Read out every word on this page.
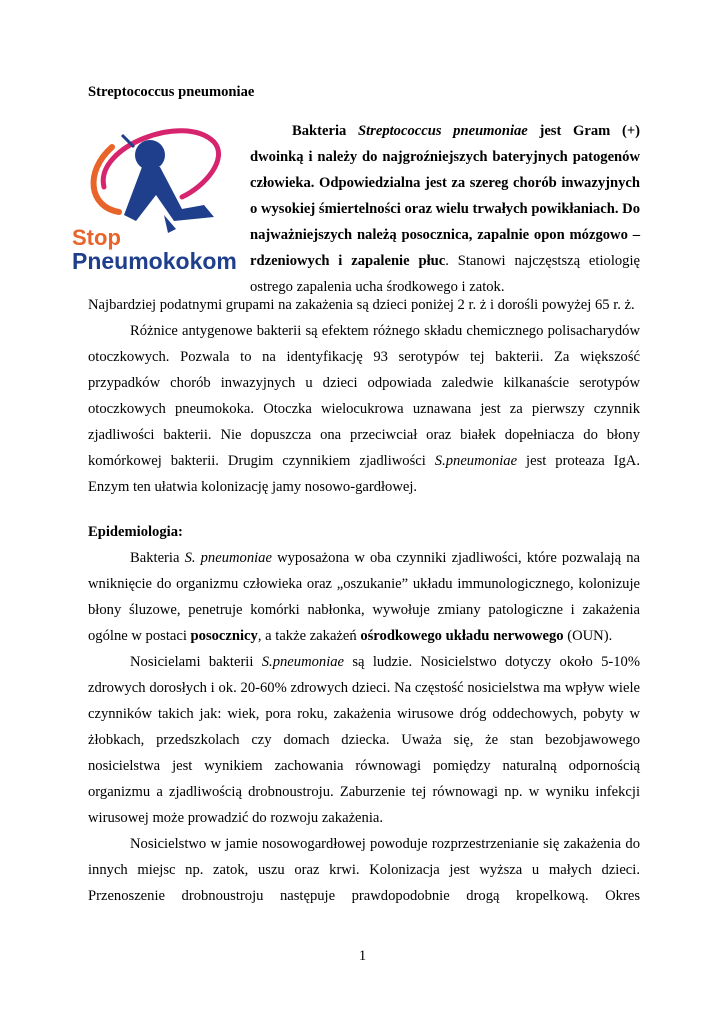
Streptococcus pneumoniae
Stop
Pneumokokom
Bakteria Streptococcus pneumoniae jest Gram (+) dwoinką i należy do najgroźniejszych bateryjnych patogenów człowieka. Odpowiedzialna jest za szereg chorób inwazyjnych o wysokiej śmiertelności oraz wielu trwałych powikłaniach. Do najważniejszych należą posocznica, zapalnie opon mózgowo – rdzeniowych i zapalenie płuc. Stanowi najczęstszą etiologię ostrego zapalenia ucha środkowego i zatok.

Najbardziej podatnymi grupami na zakażenia są dzieci poniżej 2 r. ż i dorośli powyżej 65 r. ż.

Różnice antygenowe bakterii są efektem różnego składu chemicznego polisacharydów otoczkowych. Pozwala to na identyfikację 93 serotypów tej bakterii. Za większość przypadków chorób inwazyjnych u dzieci odpowiada zaledwie kilkanaście serotypów otoczkowych pneumokoka. Otoczka wielocukrowa uznawana jest za pierwszy czynnik zjadliwości bakterii. Nie dopuszcza ona przeciwciał oraz białek dopełniacza do błony komórkowej bakterii. Drugim czynnikiem zjadliwości S.pneumoniae jest proteaza IgA. Enzym ten ułatwia kolonizację jamy nosowo-gardłowej.

Epidemiologia:

Bakteria S. pneumoniae wyposażona w oba czynniki zjadliwości, które pozwalają na wniknięcie do organizmu człowieka oraz „oszukanie” układu immunologicznego, kolonizuje błony śluzowe, penetruje komórki nabłonka, wywołuje zmiany patologiczne i zakażenia ogólne w postaci posocznicy, a także zakażeń ośrodkowego układu nerwowego (OUN).

Nosicielami bakterii S.pneumoniae są ludzie. Nosicielstwo dotyczy około 5-10% zdrowych dorosłych i ok. 20-60% zdrowych dzieci. Na częstość nosicielstwa ma wpływ wiele czynników takich jak: wiek, pora roku, zakażenia wirusowe dróg oddechowych, pobyty w żłobkach, przedszkolach czy domach dziecka. Uważa się, że stan bezobjawowego nosicielstwa jest wynikiem zachowania równowagi pomiędzy naturalną odpornością organizmu a zjadliwością drobnoustroju. Zaburzenie tej równowagi np. w wyniku infekcji wirusowej może prowadzić do rozwoju zakażenia.

Nosicielstwo w jamie nosowogardłowej powoduje rozprzestrzenianie się zakażenia do innych miejsc np. zatok, uszu oraz krwi. Kolonizacja jest wyższa u małych dzieci. Przenoszenie drobnoustroju następuje prawdopodobnie drogą kropelkową. Okres

1
